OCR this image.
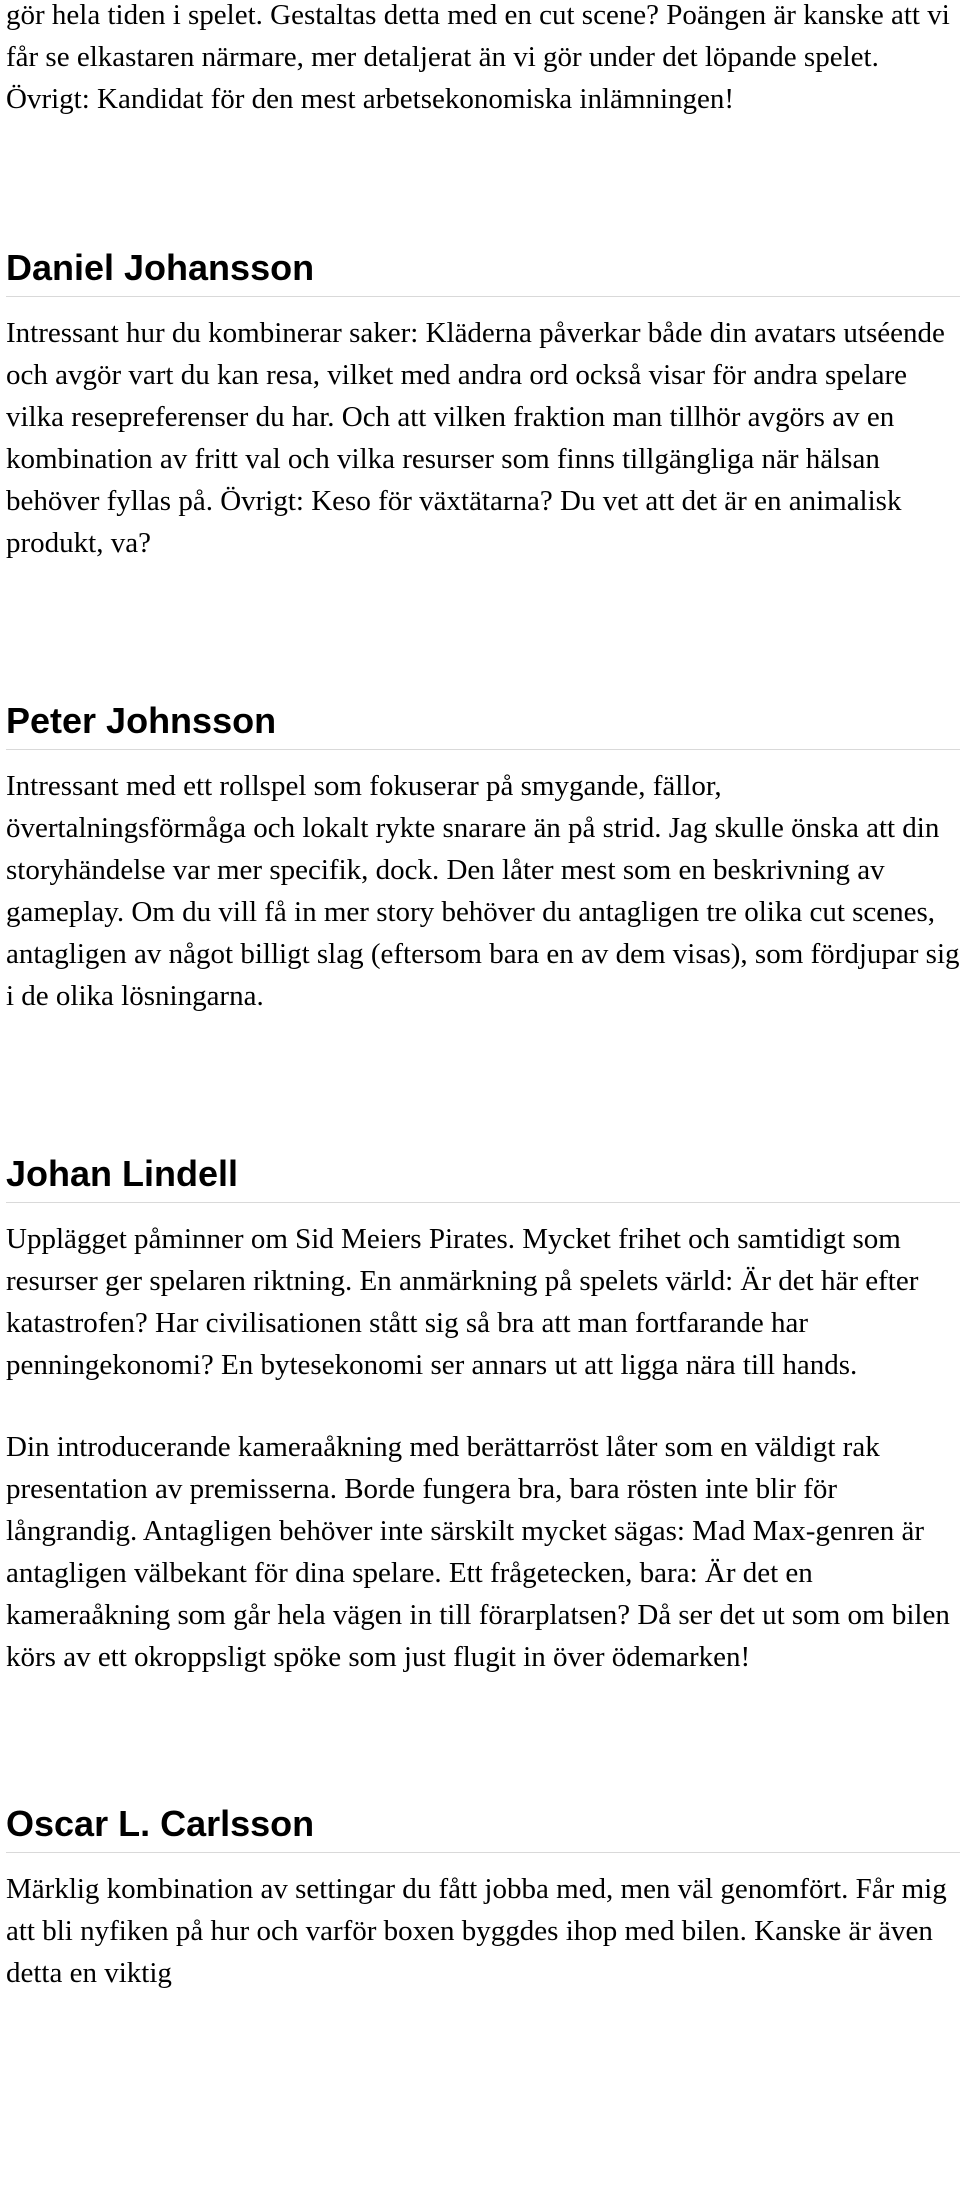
gör hela tiden i spelet. Gestaltas detta med en cut scene? Poängen är kanske att vi får se elkastaren närmare, mer detaljerat än vi gör under det löpande spelet. Övrigt: Kandidat för den mest arbetsekonomiska inlämningen!

Daniel Johansson

Intressant hur du kombinerar saker: Kläderna påverkar både din avatars utséende och avgör vart du kan resa, vilket med andra ord också visar för andra spelare vilka resepreferenser du har. Och att vilken fraktion man tillhör avgörs av en kombination av fritt val och vilka resurser som finns tillgängliga när hälsan behöver fyllas på. Övrigt: Keso för växtätarna? Du vet att det är en animalisk produkt, va?

Peter Johnsson

Intressant med ett rollspel som fokuserar på smygande, fällor, övertalningsförmåga och lokalt rykte snarare än på strid. Jag skulle önska att din storyhändelse var mer specifik, dock. Den låter mest som en beskrivning av gameplay. Om du vill få in mer story behöver du antagligen tre olika cut scenes, antagligen av något billigt slag (eftersom bara en av dem visas), som fördjupar sig i de olika lösningarna.

Johan Lindell

Upplägget påminner om Sid Meiers Pirates. Mycket frihet och samtidigt som resurser ger spelaren riktning. En anmärkning på spelets värld: Är det här efter katastrofen? Har civilisationen stått sig så bra att man fortfarande har penningekonomi? En bytesekonomi ser annars ut att ligga nära till hands.

Din introducerande kameraåkning med berättarröst låter som en väldigt rak presentation av premisserna. Borde fungera bra, bara rösten inte blir för långrandig. Antagligen behöver inte särskilt mycket sägas: Mad Max-genren är antagligen välbekant för dina spelare. Ett frågetecken, bara: Är det en kameraåkning som går hela vägen in till förarplatsen? Då ser det ut som om bilen körs av ett okroppsligt spöke som just flugit in över ödemarken!

Oscar L. Carlsson

Märklig kombination av settingar du fått jobba med, men väl genomfört. Får mig att bli nyfiken på hur och varför boxen byggdes ihop med bilen. Kanske är även detta en viktig
